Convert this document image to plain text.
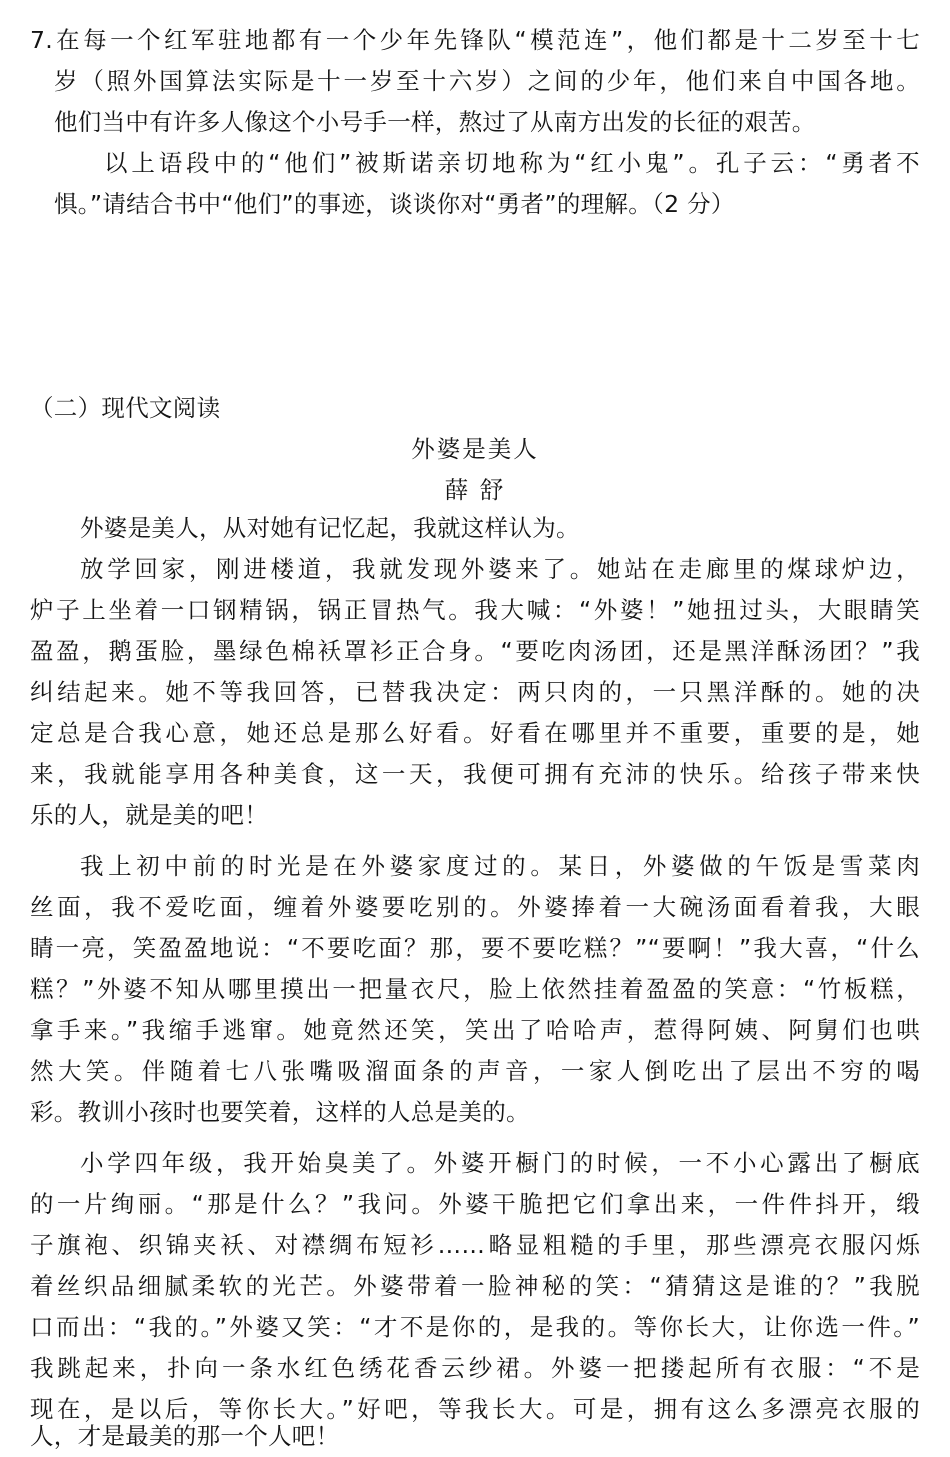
7.在每一个红军驻地都有一个少年先锋队“模范连”，他们都是十二岁至十七
岁（照外国算法实际是十一岁至十六岁）之间的少年，他们来自中国各地。
他们当中有许多人像这个小号手一样，熬过了从南方出发的长征的艰苦。
以上语段中的“他们”被斯诺亲切地称为“红小鬼”。孔子云：“勇者不
惧。”请结合书中“他们”的事迹，谈谈你对“勇者”的理解。（2 分）
（二）现代文阅读
外婆是美人
薛 舒
外婆是美人，从对她有记忆起，我就这样认为。
放学回家，刚进楼道，我就发现外婆来了。她站在走廊里的煤球炉边，
炉子上坐着一口钢精锅，锅正冒热气。我大喊：“外婆！”她扭过头，大眼睛笑
盈盈，鹅蛋脸，墨绿色棉袄罩衫正合身。“要吃肉汤团，还是黑洋酥汤团？”我
纠结起来。她不等我回答，已替我决定：两只肉的，一只黑洋酥的。她的决
定总是合我心意，她还总是那么好看。好看在哪里并不重要，重要的是，她
来，我就能享用各种美食，这一天，我便可拥有充沛的快乐。给孩子带来快
乐的人，就是美的吧！
我上初中前的时光是在外婆家度过的。某日，外婆做的午饭是雪菜肉
丝面，我不爱吃面，缠着外婆要吃别的。外婆捧着一大碗汤面看着我，大眼
睛一亮，笑盈盈地说：“不要吃面？那，要不要吃糕？”“要啊！”我大喜，“什么
糕？”外婆不知从哪里摸出一把量衣尺，脸上依然挂着盈盈的笑意：“竹板糕，
拿手来。”我缩手逃窜。她竟然还笑，笑出了哈哈声，惹得阿姨、阿舅们也哄
然大笑。伴随着七八张嘴吸溜面条的声音，一家人倒吃出了层出不穷的喝
彩。教训小孩时也要笑着，这样的人总是美的。
小学四年级，我开始臭美了。外婆开橱门的时候，一不小心露出了橱底
的一片绚丽。“那是什么？”我问。外婆干脆把它们拿出来，一件件抖开，缎
子旗袍、织锦夹袄、对襟绸布短衫……略显粗糙的手里，那些漂亮衣服闪烁
着丝织品细腻柔软的光芒。外婆带着一脸神秘的笑：“猜猜这是谁的？”我脱
口而出：“我的。”外婆又笑：“才不是你的，是我的。等你长大，让你选一件。”
我跳起来，扑向一条水红色绣花香云纱裙。外婆一把搂起所有衣服：“不是
现在，是以后，等你长大。”好吧，等我长大。可是，拥有这么多漂亮衣服的
人，才是最美的那一个人吧！
